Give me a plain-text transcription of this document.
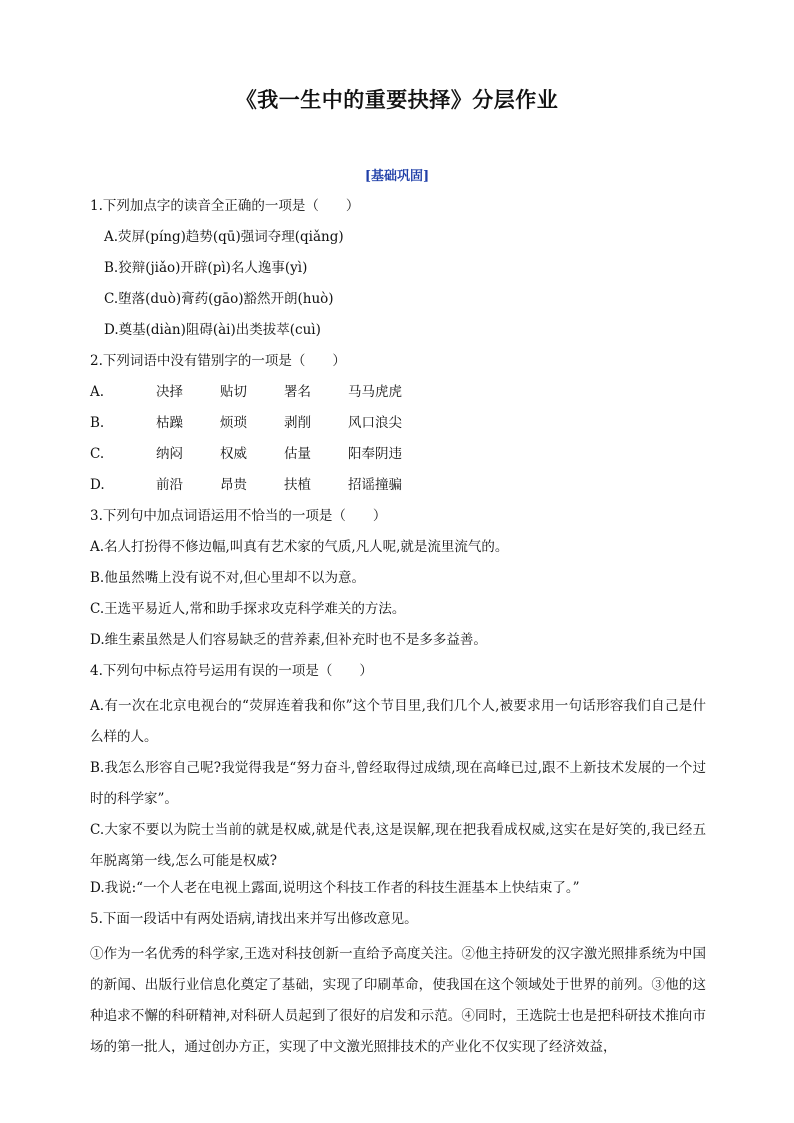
《我一生中的重要抉择》分层作业
[基础巩固]
1.下列加点字的读音全正确的一项是（　　）
A.荧屏(píng)趋势(qū)强词夺理(qiǎng)
B.狡辩(jiǎo)开辟(pì)名人逸事(yì)
C.堕落(duò)膏药(gāo)豁然开朗(huò)
D.奠基(diàn)阻碍(ài)出类拔萃(cuì)
2.下列词语中没有错别字的一项是（　　）
A.	决择	贴切	署名	马马虎虎
B.	枯躁	烦琐	剥削	风口浪尖
C.	纳闷	权威	估量	阳奉阴违
D.	前沿	昂贵	扶植	招谣撞骗
3.下列句中加点词语运用不恰当的一项是（　　）
A.名人打扮得不修边幅,叫真有艺术家的气质,凡人呢,就是流里流气的。
B.他虽然嘴上没有说不对,但心里却不以为意。
C.王选平易近人,常和助手探求攻克科学难关的方法。
D.维生素虽然是人们容易缺乏的营养素,但补充时也不是多多益善。
4.下列句中标点符号运用有误的一项是（　　）
A.有一次在北京电视台的“荧屏连着我和你”这个节目里,我们几个人,被要求用一句话形容我们自己是什么样的人。
B.我怎么形容自己呢?我觉得我是“努力奋斗,曾经取得过成绩,现在高峰已过,跟不上新技术发展的一个过时的科学家”。
C.大家不要以为院士当前的就是权威,就是代表,这是误解,现在把我看成权威,这实在是好笑的,我已经五年脱离第一线,怎么可能是权威?
D.我说:“一个人老在电视上露面,说明这个科技工作者的科技生涯基本上快结束了。”
5.下面一段话中有两处语病,请找出来并写出修改意见。
①作为一名优秀的科学家,王选对科技创新一直给予高度关注。②他主持研发的汉字激光照排系统为中国的新闻、出版行业信息化奠定了基础，实现了印刷革命，使我国在这个领域处于世界的前列。③他的这种追求不懈的科研精神,对科研人员起到了很好的启发和示范。④同时，王选院士也是把科研技术推向市场的第一批人，通过创办方正，实现了中文激光照排技术的产业化不仅实现了经济效益，
